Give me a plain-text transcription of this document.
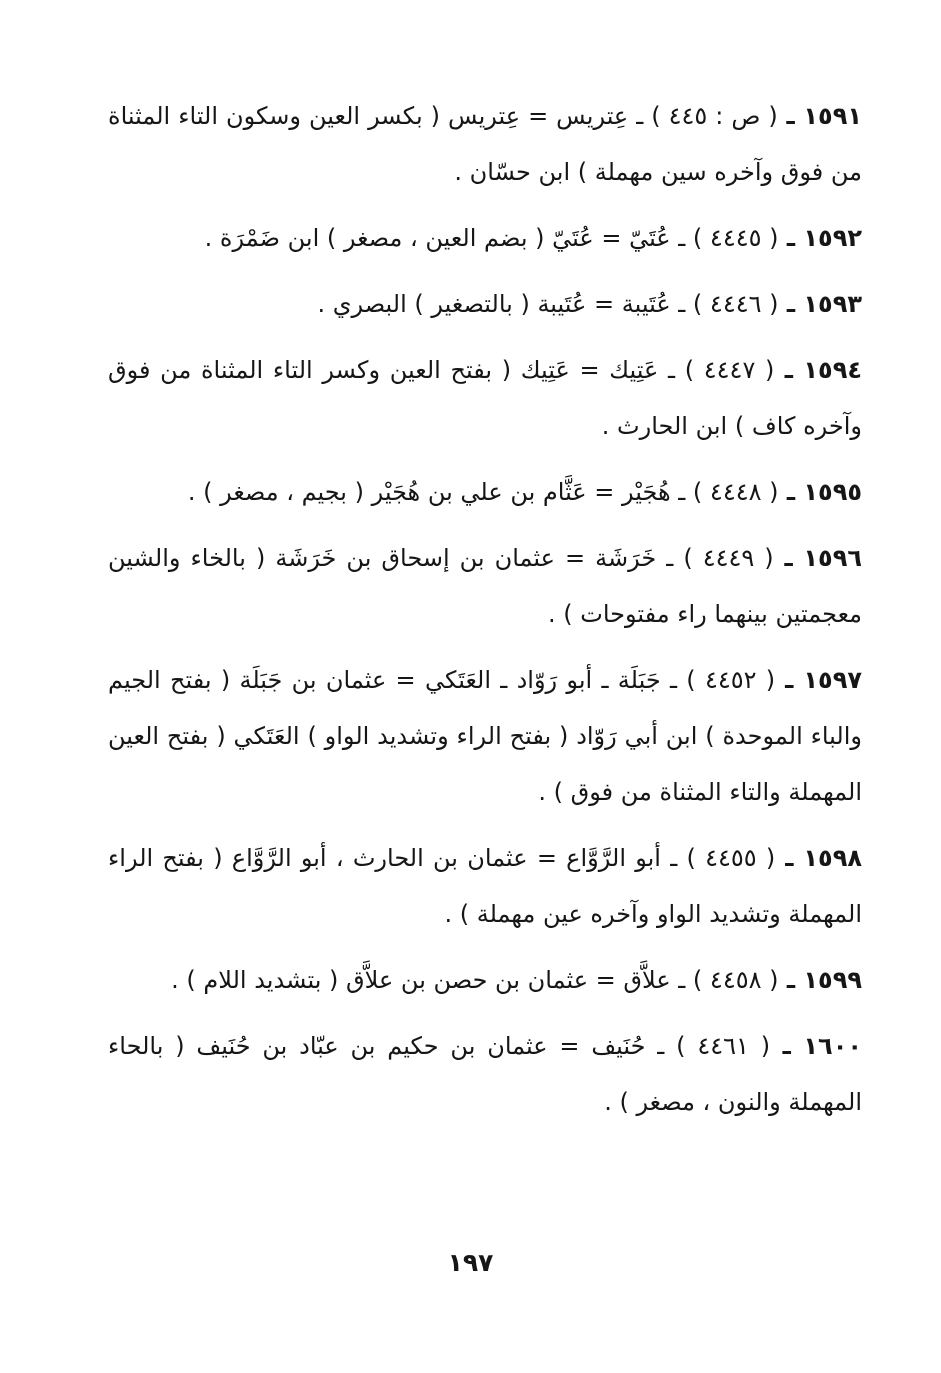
١٥٩١ ـ ( ص : ٤٤٥ ) ـ عِتريس = عِتريس ( بكسر العين وسكون التاء المثناة من فوق وآخره سين مهملة ) ابن حسّان .

١٥٩٢ ـ ( ٤٤٤٥ ) ـ عُتَيّ = عُتَيّ ( بضم العين ، مصغر ) ابن ضَمْرَة .

١٥٩٣ ـ ( ٤٤٤٦ ) ـ عُتَيبة = عُتَيبة ( بالتصغير ) البصري .

١٥٩٤ ـ ( ٤٤٤٧ ) ـ عَتِيك = عَتِيك ( بفتح العين وكسر التاء المثناة من فوق وآخره كاف ) ابن الحارث .

١٥٩٥ ـ ( ٤٤٤٨ ) ـ هُجَيْر = عَثَّام بن علي بن هُجَيْر ( بجيم ، مصغر ) .

١٥٩٦ ـ ( ٤٤٤٩ ) ـ خَرَشَة = عثمان بن إسحاق بن خَرَشَة ( بالخاء والشين معجمتين بينهما راء مفتوحات ) .

١٥٩٧ ـ ( ٤٤٥٢ ) ـ جَبَلَة ـ أبو رَوّاد ـ العَتَكي = عثمان بن جَبَلَة ( بفتح الجيم والباء الموحدة ) ابن أبي رَوّاد ( بفتح الراء وتشديد الواو ) العَتَكي ( بفتح العين المهملة والتاء المثناة من فوق ) .

١٥٩٨ ـ ( ٤٤٥٥ ) ـ أبو الرَّوَّاع = عثمان بن الحارث ، أبو الرَّوَّاع ( بفتح الراء المهملة وتشديد الواو وآخره عين مهملة ) .

١٥٩٩ ـ ( ٤٤٥٨ ) ـ علاَّق = عثمان بن حصن بن علاَّق ( بتشديد اللام ) .

١٦٠٠ ـ ( ٤٤٦١ ) ـ حُنَيف = عثمان بن حكيم بن عبّاد بن حُنَيف ( بالحاء المهملة والنون ، مصغر ) .

١٩٧
